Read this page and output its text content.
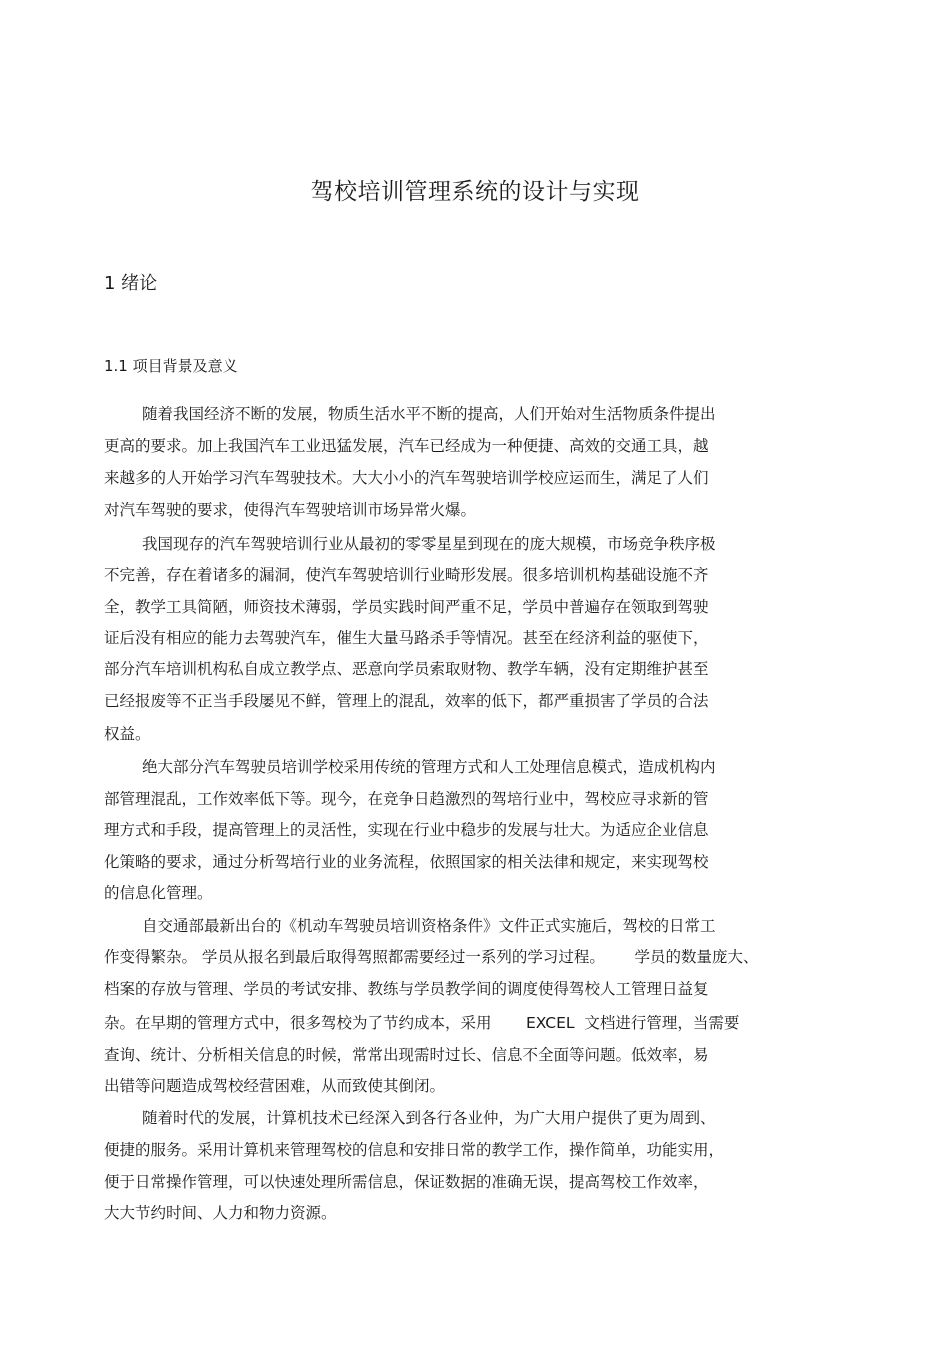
驾校培训管理系统的设计与实现
1 绪论
1.1 项目背景及意义
随着我国经济不断的发展，物质生活水平不断的提高，人们开始对生活物质条件提出
更高的要求。加上我国汽车工业迅猛发展，汽车已经成为一种便捷、高效的交通工具，越
来越多的人开始学习汽车驾驶技术。大大小小的汽车驾驶培训学校应运而生，满足了人们
对汽车驾驶的要求，使得汽车驾驶培训市场异常火爆。
我国现存的汽车驾驶培训行业从最初的零零星星到现在的庞大规模，市场竞争秩序极
不完善，存在着诸多的漏洞，使汽车驾驶培训行业畸形发展。很多培训机构基础设施不齐
全，教学工具简陋，师资技术薄弱，学员实践时间严重不足，学员中普遍存在领取到驾驶
证后没有相应的能力去驾驶汽车，催生大量马路杀手等情况。甚至在经济利益的驱使下，
部分汽车培训机构私自成立教学点、恶意向学员索取财物、教学车辆，没有定期维护甚至
已经报废等不正当手段屡见不鲜，管理上的混乱，效率的低下，都严重损害了学员的合法
权益。
绝大部分汽车驾驶员培训学校采用传统的管理方式和人工处理信息模式，造成机构内
部管理混乱，工作效率低下等。现今，在竞争日趋激烈的驾培行业中，驾校应寻求新的管
理方式和手段，提高管理上的灵活性，实现在行业中稳步的发展与壮大。为适应企业信息
化策略的要求，通过分析驾培行业的业务流程，依照国家的相关法律和规定，来实现驾校
的信息化管理。
自交通部最新出台的《机动车驾驶员培训资格条件》文件正式实施后，驾校的日常工
作变得繁杂。 学员从报名到最后取得驾照都需要经过一系列的学习过程。      学员的数量庞大、
档案的存放与管理、学员的考试安排、教练与学员教学间的调度使得驾校人工管理日益复
杂。在早期的管理方式中，很多驾校为了节约成本，采用       EXCEL  文档进行管理，当需要
查询、统计、分析相关信息的时候，常常出现需时过长、信息不全面等问题。低效率，易
出错等问题造成驾校经营困难，从而致使其倒闭。
随着时代的发展，计算机技术已经深入到各行各业仲，为广大用户提供了更为周到、
便捷的服务。采用计算机来管理驾校的信息和安排日常的教学工作，操作简单，功能实用，
便于日常操作管理，可以快速处理所需信息，保证数据的准确无误，提高驾校工作效率，
大大节约时间、人力和物力资源。
